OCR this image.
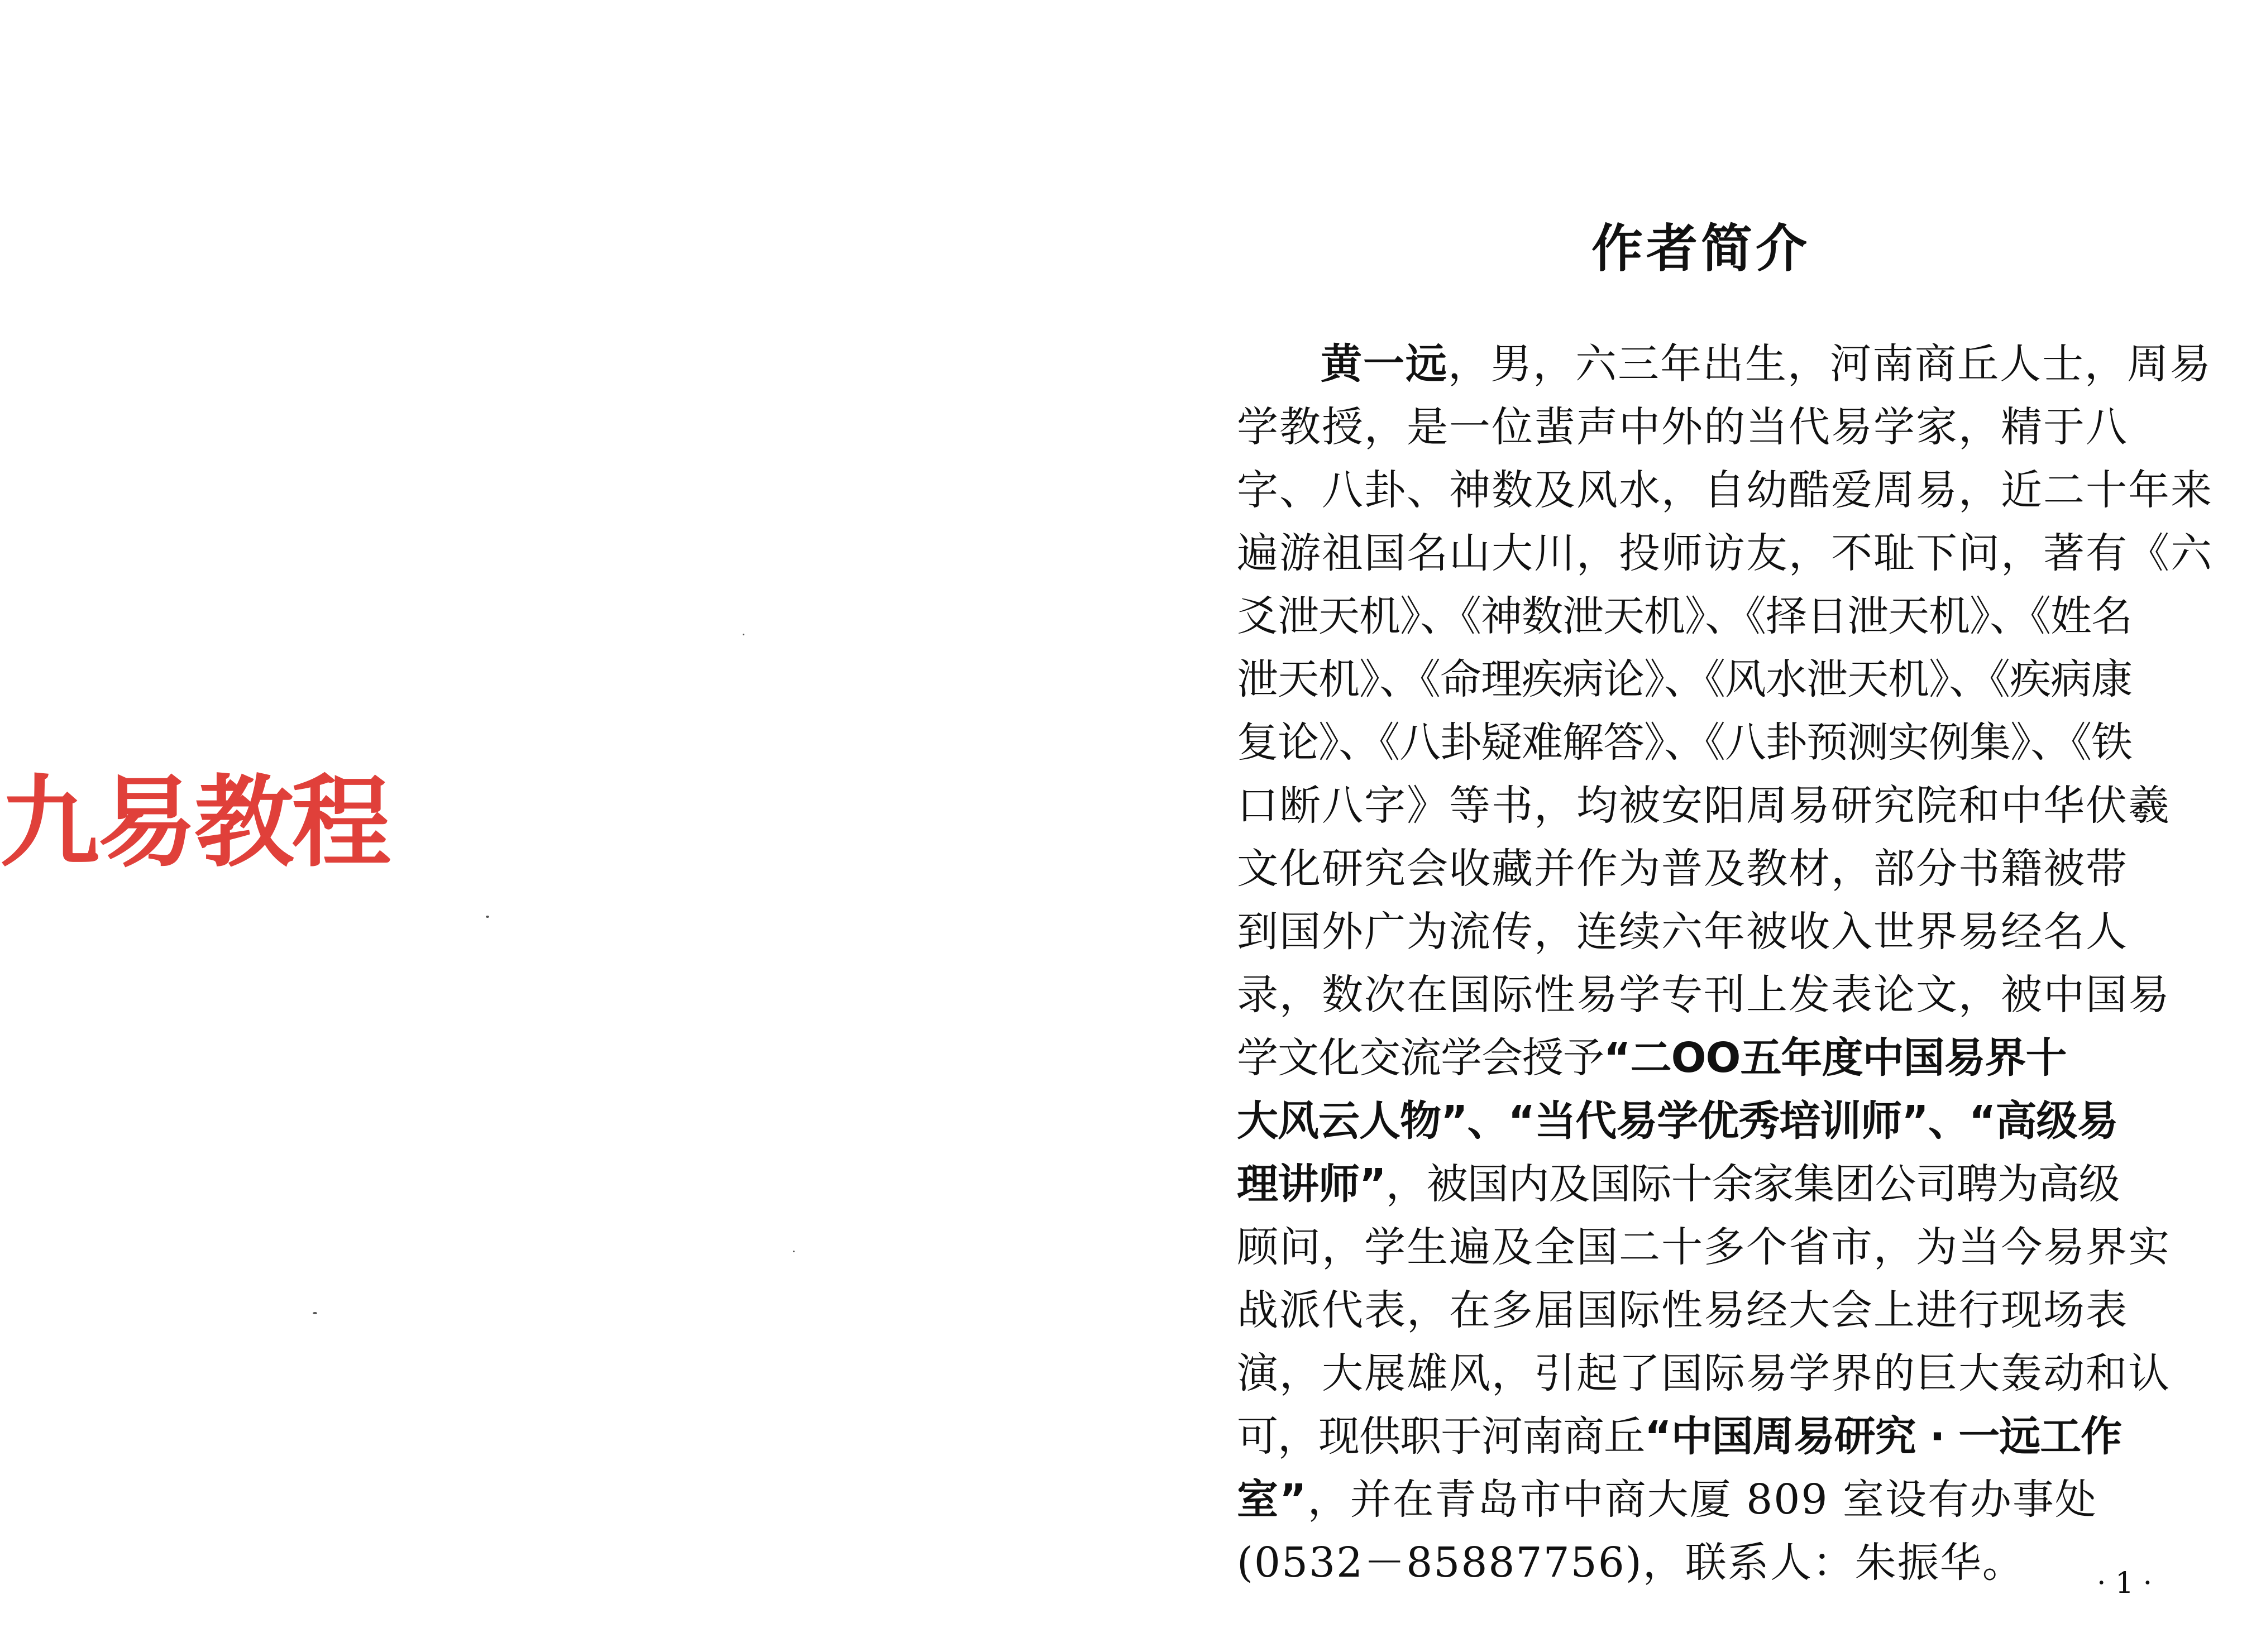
九易教程
作者简介
黄一远，男，六三年出生，河南商丘人士，周易
学教授，是一位蜚声中外的当代易学家，精于八
字、八卦、神数及风水，自幼酷爱周易，近二十年来
遍游祖国名山大川，投师访友，不耻下问，著有《六
爻泄天机》、《神数泄天机》、《择日泄天机》、《姓名
泄天机》、《命理疾病论》、《风水泄天机》、《疾病康
复论》、《八卦疑难解答》、《八卦预测实例集》、《铁
口断八字》等书，均被安阳周易研究院和中华伏羲
文化研究会收藏并作为普及教材，部分书籍被带
到国外广为流传，连续六年被收入世界易经名人
录，数次在国际性易学专刊上发表论文，被中国易
学文化交流学会授予“二OO五年度中国易界十
大风云人物”、“当代易学优秀培训师”、“高级易
理讲师”，被国内及国际十余家集团公司聘为高级
顾问，学生遍及全国二十多个省市，为当今易界实
战派代表，在多届国际性易经大会上进行现场表
演，大展雄风，引起了国际易学界的巨大轰动和认
可，现供职于河南商丘“中国周易研究 · 一远工作
室”，并在青岛市中商大厦 809 室设有办事处
(0532－85887756)，联系人：朱振华。	· 1 ·
